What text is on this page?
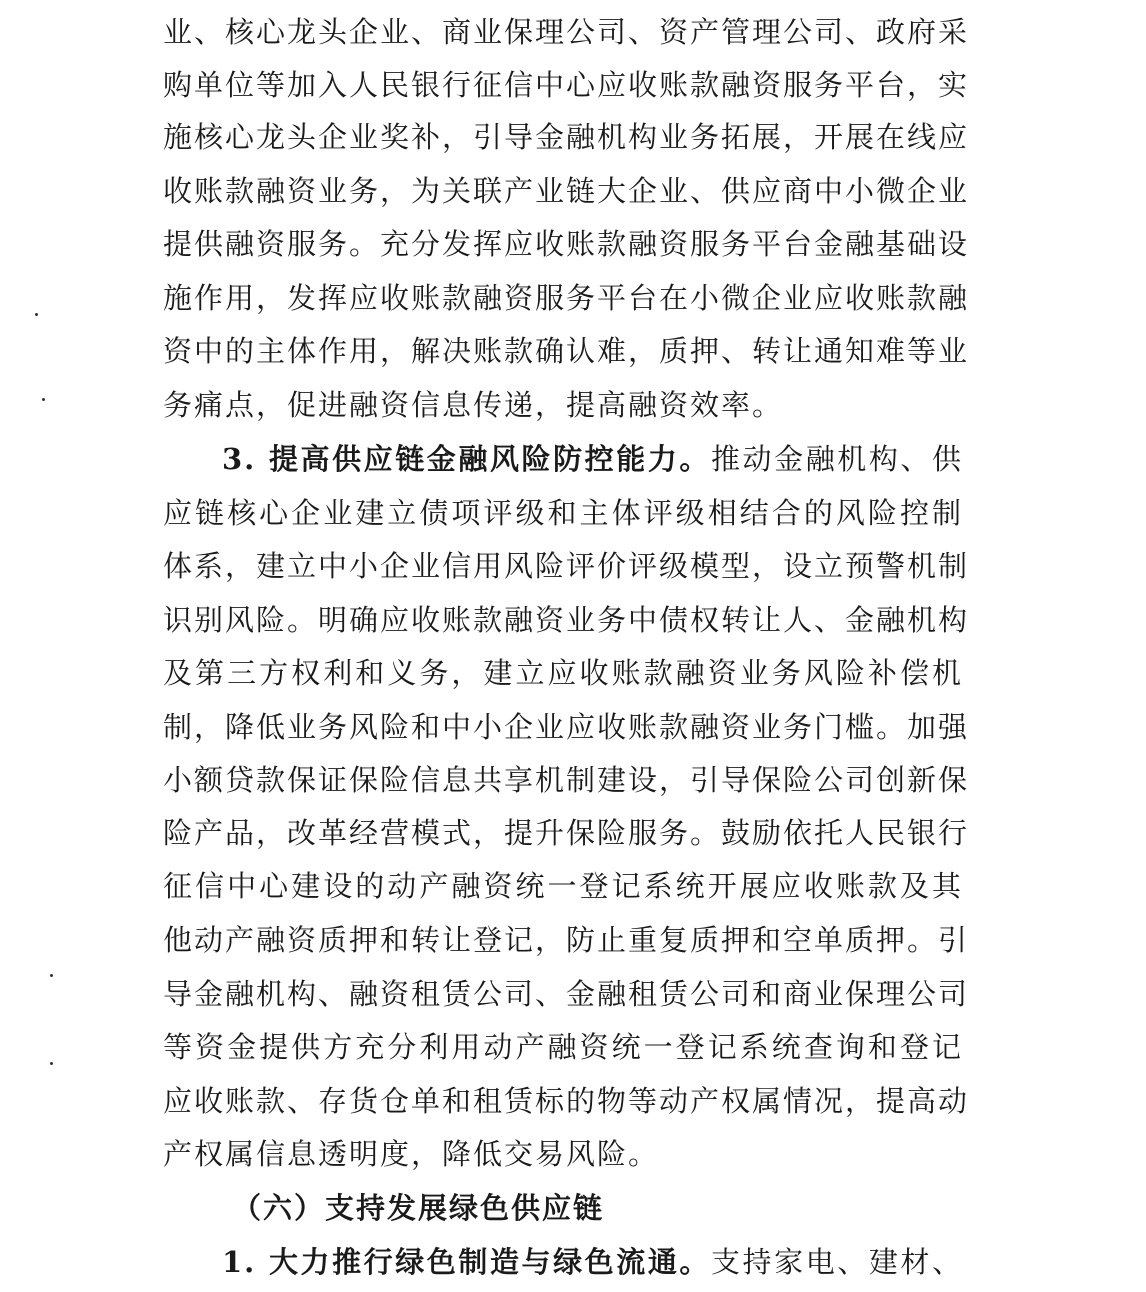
业、核心龙头企业、商业保理公司、资产管理公司、政府采
购单位等加入人民银行征信中心应收账款融资服务平台，实
施核心龙头企业奖补，引导金融机构业务拓展，开展在线应
收账款融资业务，为关联产业链大企业、供应商中小微企业
提供融资服务。充分发挥应收账款融资服务平台金融基础设
施作用，发挥应收账款融资服务平台在小微企业应收账款融
资中的主体作用，解决账款确认难，质押、转让通知难等业
务痛点，促进融资信息传递，提高融资效率。
3. 提高供应链金融风险防控能力。推动金融机构、供
应链核心企业建立债项评级和主体评级相结合的风险控制
体系，建立中小企业信用风险评价评级模型，设立预警机制
识别风险。明确应收账款融资业务中债权转让人、金融机构
及第三方权利和义务，建立应收账款融资业务风险补偿机
制，降低业务风险和中小企业应收账款融资业务门槛。加强
小额贷款保证保险信息共享机制建设，引导保险公司创新保
险产品，改革经营模式，提升保险服务。鼓励依托人民银行
征信中心建设的动产融资统一登记系统开展应收账款及其
他动产融资质押和转让登记，防止重复质押和空单质押。引
导金融机构、融资租赁公司、金融租赁公司和商业保理公司
等资金提供方充分利用动产融资统一登记系统查询和登记
应收账款、存货仓单和租赁标的物等动产权属情况，提高动
产权属信息透明度，降低交易风险。
（六）支持发展绿色供应链
1. 大力推行绿色制造与绿色流通。支持家电、建材、
